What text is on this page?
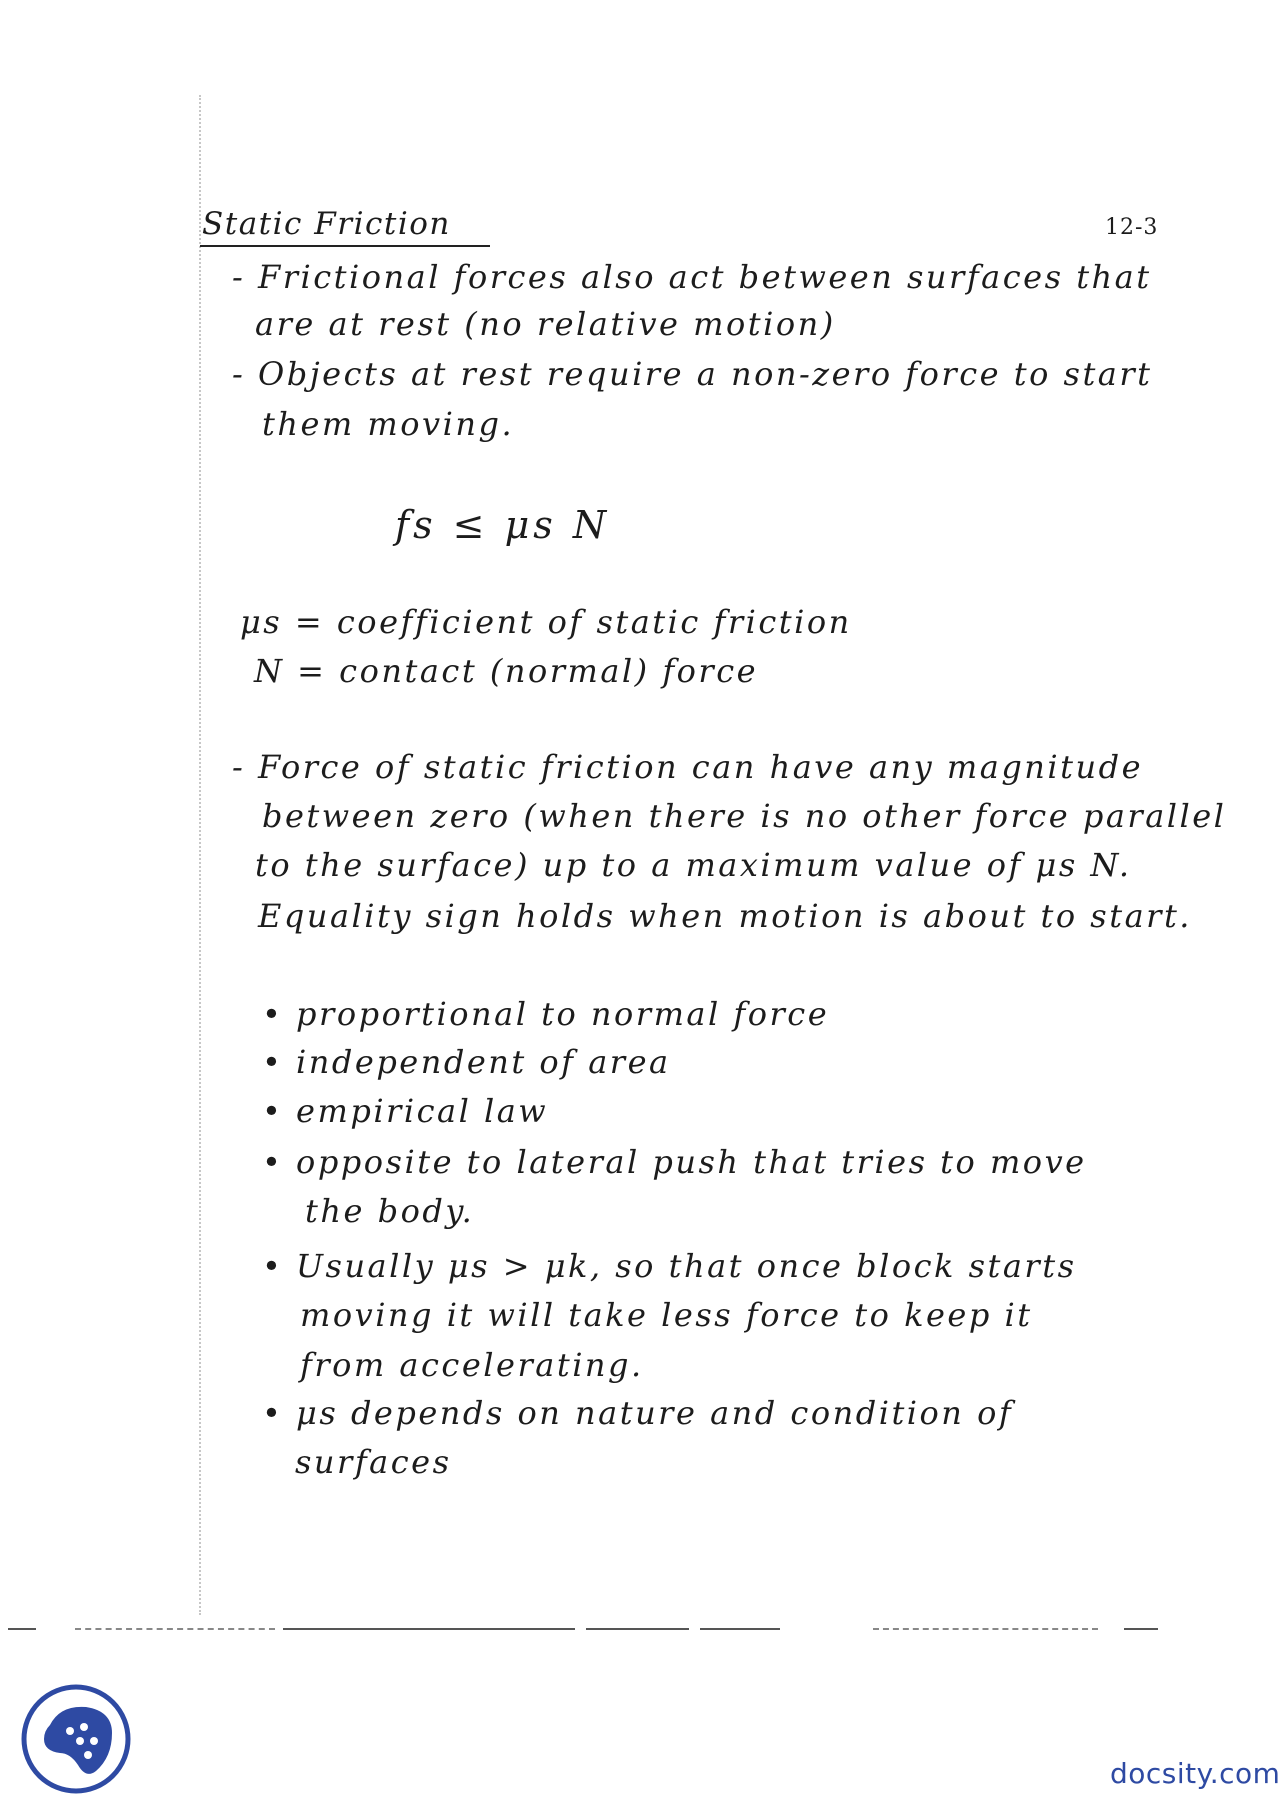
Static Friction	12-3
- Frictional forces also act between surfaces that
are at rest (no relative motion)
- Objects at rest require a non-zero force to start
them moving.
fs ≤ μs N
μs = coefficient of static friction
N = contact (normal) force
- Force of static friction can have any magnitude
between zero (when there is no other force parallel
to the surface) up to a maximum value of μs N.
Equality sign holds when motion is about to start.
• proportional to normal force
• independent of area
• empirical law
• opposite to lateral push that tries to move
the body.
• Usually μs > μk, so that once block starts
moving it will take less force to keep it
from accelerating.
• μs depends on nature and condition of
surfaces
docsity.com
